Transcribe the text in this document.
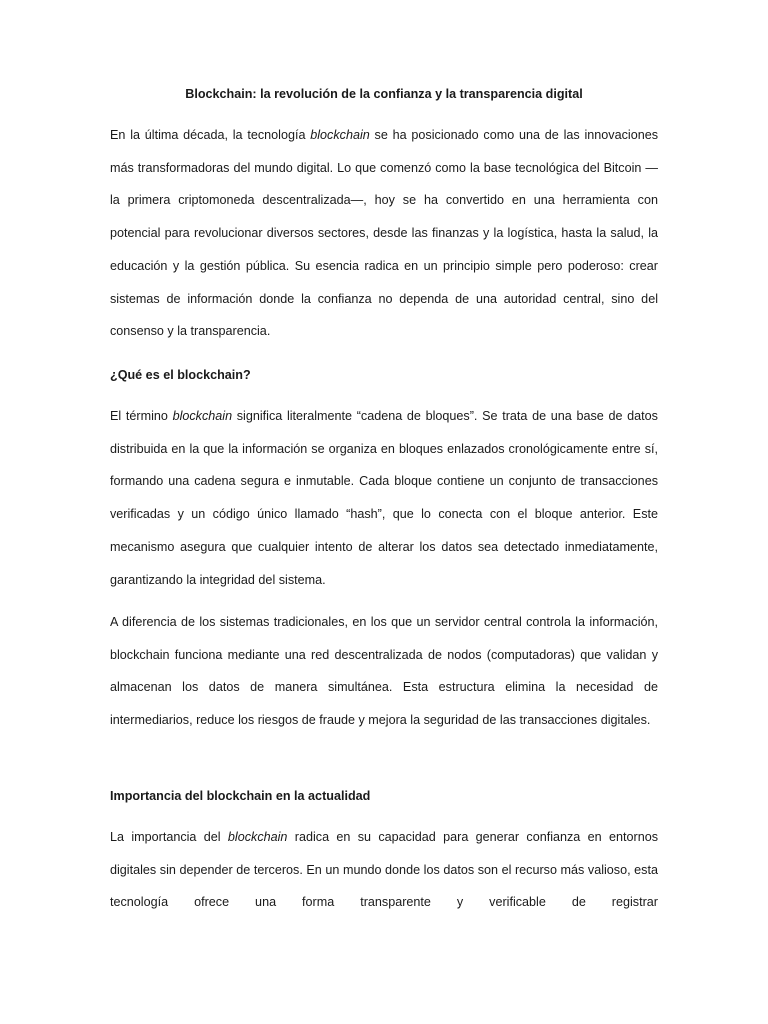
Blockchain: la revolución de la confianza y la transparencia digital

En la última década, la tecnología blockchain se ha posicionado como una de las innovaciones más transformadoras del mundo digital. Lo que comenzó como la base tecnológica del Bitcoin —la primera criptomoneda descentralizada—, hoy se ha convertido en una herramienta con potencial para revolucionar diversos sectores, desde las finanzas y la logística, hasta la salud, la educación y la gestión pública. Su esencia radica en un principio simple pero poderoso: crear sistemas de información donde la confianza no dependa de una autoridad central, sino del consenso y la transparencia.

¿Qué es el blockchain?

El término blockchain significa literalmente “cadena de bloques”. Se trata de una base de datos distribuida en la que la información se organiza en bloques enlazados cronológicamente entre sí, formando una cadena segura e inmutable. Cada bloque contiene un conjunto de transacciones verificadas y un código único llamado “hash”, que lo conecta con el bloque anterior. Este mecanismo asegura que cualquier intento de alterar los datos sea detectado inmediatamente, garantizando la integridad del sistema.

A diferencia de los sistemas tradicionales, en los que un servidor central controla la información, blockchain funciona mediante una red descentralizada de nodos (computadoras) que validan y almacenan los datos de manera simultánea. Esta estructura elimina la necesidad de intermediarios, reduce los riesgos de fraude y mejora la seguridad de las transacciones digitales.

Importancia del blockchain en la actualidad

La importancia del blockchain radica en su capacidad para generar confianza en entornos digitales sin depender de terceros. En un mundo donde los datos son el recurso más valioso, esta tecnología ofrece una forma transparente y verificable de registrar
